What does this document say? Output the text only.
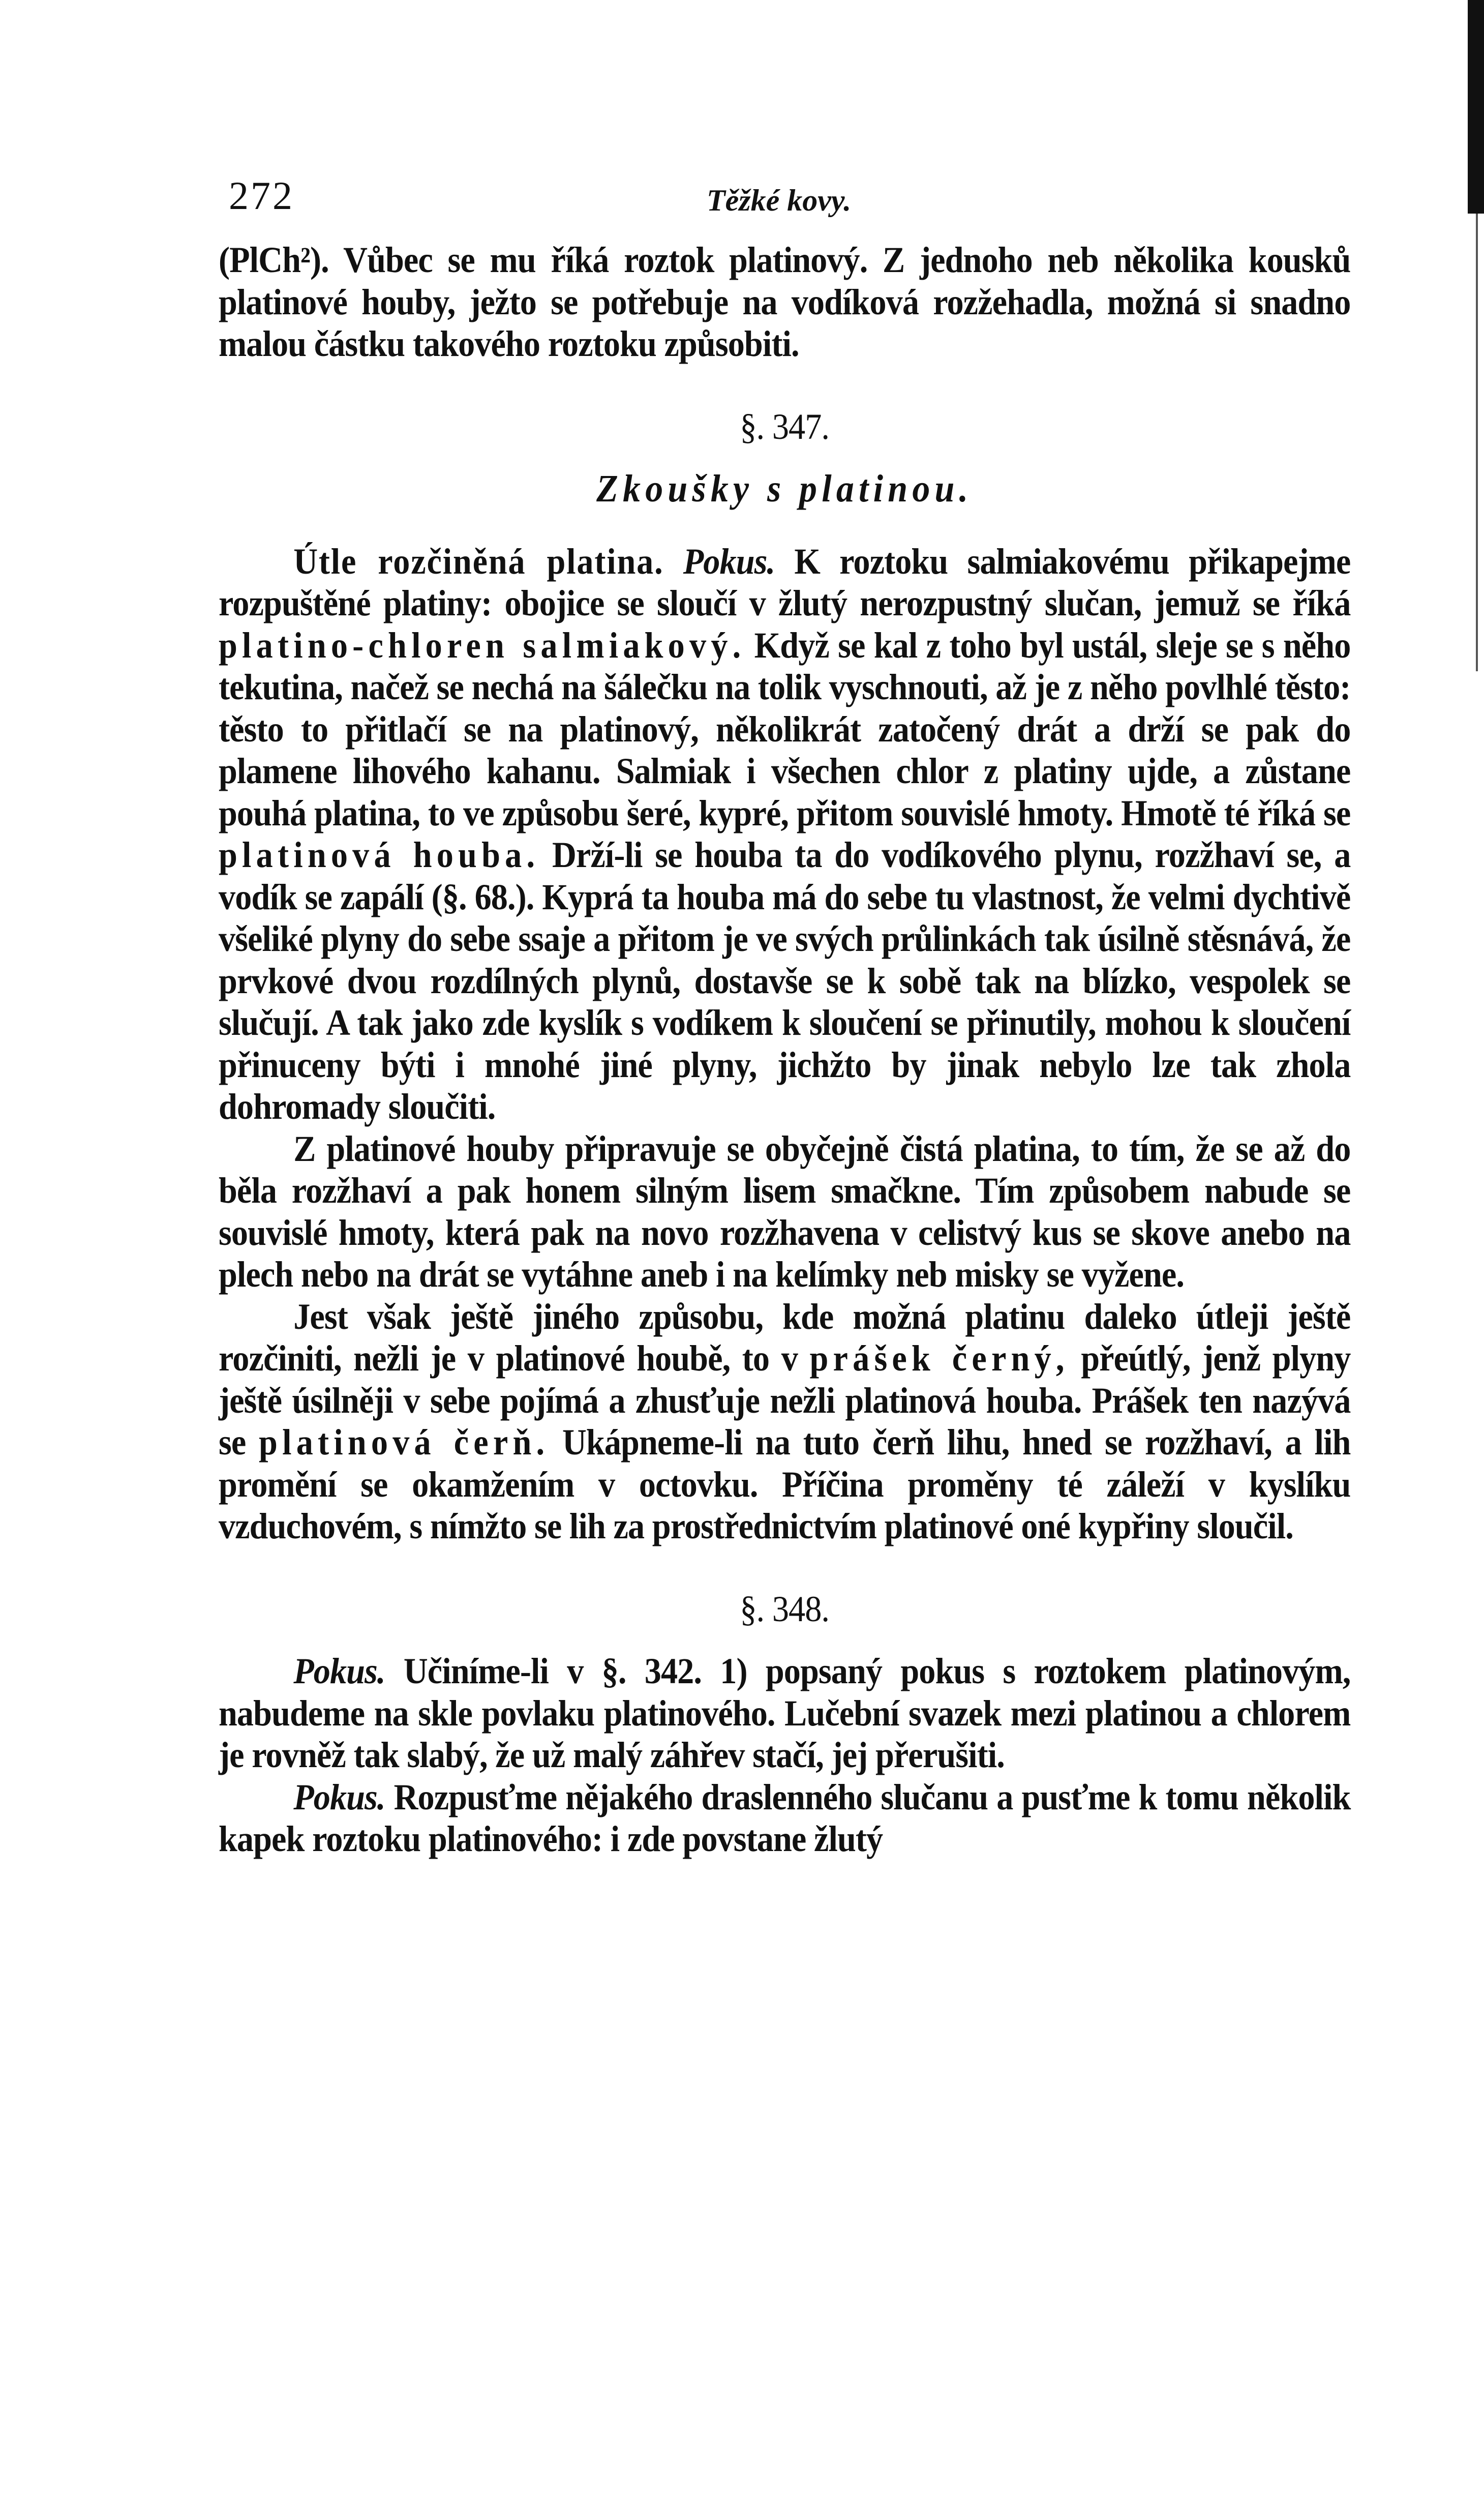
272	Těžké kovy.

(PlCh²). Vůbec se mu říká roztok platinový. Z jednoho neb několika kousků platinové houby, ježto se potřebuje na vodíková rozžehadla, možná si snadno malou částku takového roztoku způsobiti.

§. 347.
Zkoušky s platinou.

Útle rozčiněná platina. Pokus. K roztoku salmiakovému přikapejme rozpuštěné platiny: obojice se sloučí v žlutý nerozpustný slučan, jemuž se říká platino-chloren salmiakový. Když se kal z toho byl ustál, sleje se s něho tekutina, načež se nechá na šálečku na tolik vyschnouti, až je z něho povlhlé těsto: těsto to přitlačí se na platinový, několikrát zatočený drát a drží se pak do plamene lihového kahanu. Salmiak i všechen chlor z platiny ujde, a zůstane pouhá platina, to ve způsobu šeré, kypré, přitom souvislé hmoty. Hmotě té říká se platinová houba. Drží-li se houba ta do vodíkového plynu, rozžhaví se, a vodík se zapálí (§. 68.). Kyprá ta houba má do sebe tu vlastnost, že velmi dychtivě všeliké plyny do sebe ssaje a přitom je ve svých průlinkách tak úsilně stěsnává, že prvkové dvou rozdílných plynů, dostavše se k sobě tak na blízko, vespolek se slučují. A tak jako zde kyslík s vodíkem k sloučení se přinutily, mohou k sloučení přinuceny býti i mnohé jiné plyny, jichžto by jinak nebylo lze tak zhola dohromady sloučiti.

Z platinové houby připravuje se obyčejně čistá platina, to tím, že se až do běla rozžhaví a pak honem silným lisem smačkne. Tím způsobem nabude se souvislé hmoty, která pak na novo rozžhavena v celistvý kus se skove anebo na plech nebo na drát se vytáhne aneb i na kelímky neb misky se vyžene.

Jest však ještě jiného způsobu, kde možná platinu daleko útleji ještě rozčiniti, nežli je v platinové houbě, to v prášek černý, přeútlý, jenž plyny ještě úsilněji v sebe pojímá a zhusťuje nežli platinová houba. Prášek ten nazývá se platinová čerň. Ukápneme-li na tuto čerň lihu, hned se rozžhaví, a lih promění se okamžením v octovku. Příčina proměny té záleží v kyslíku vzduchovém, s nímžto se lih za prostřednictvím platinové oné kypřiny sloučil.

§. 348.

Pokus. Učiníme-li v §. 342. 1) popsaný pokus s roztokem platinovým, nabudeme na skle povlaku platinového. Lučební svazek mezi platinou a chlorem je rovněž tak slabý, že už malý záhřev stačí, jej přerušiti.

Pokus. Rozpusťme nějakého draslenného slučanu a pusťme k tomu několik kapek roztoku platinového: i zde povstane žlutý
